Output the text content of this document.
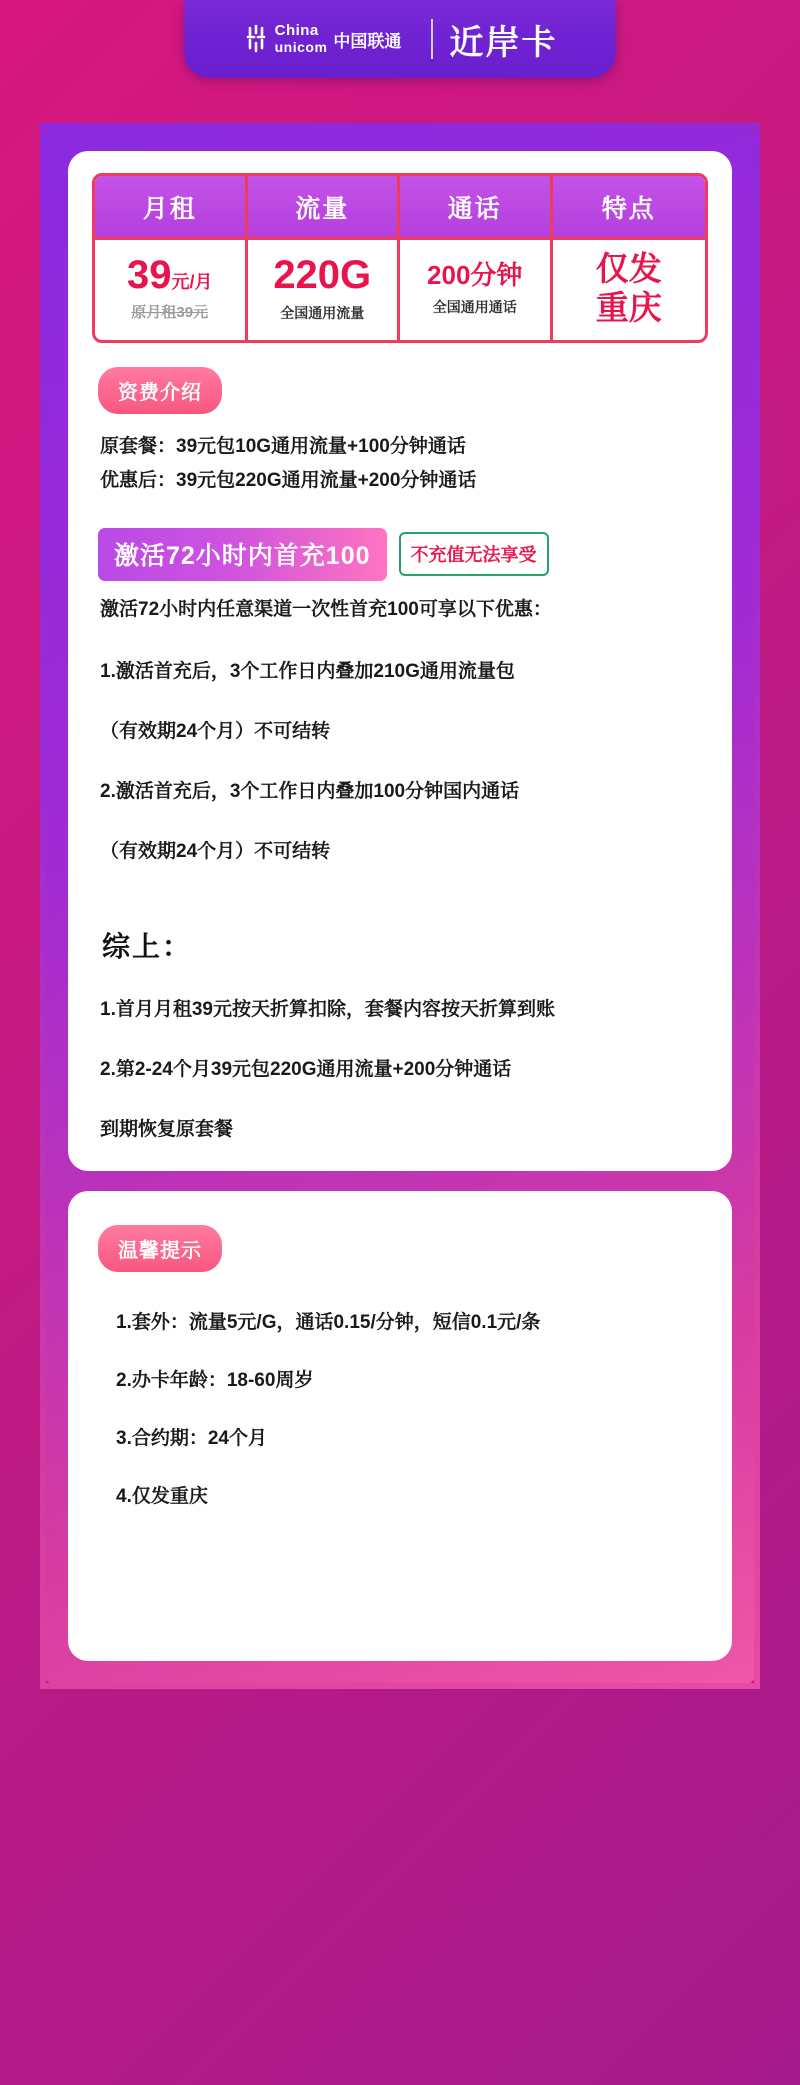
China
unicom 中国联通 近岸卡
月租
39元/月
原月租39元
流量
220G
全国通用流量
通话
200分钟
全国通用通话
特点
仅发
重庆
资费介绍
原套餐：39元包10G通用流量+100分钟通话
优惠后：39元包220G通用流量+200分钟通话
激活72小时内首充100	不充值无法享受
激活72小时内任意渠道一次性首充100可享以下优惠：
1.激活首充后，3个工作日内叠加210G通用流量包
（有效期24个月）不可结转
2.激活首充后，3个工作日内叠加100分钟国内通话
（有效期24个月）不可结转
综上：
1.首月月租39元按天折算扣除，套餐内容按天折算到账
2.第2-24个月39元包220G通用流量+200分钟通话
到期恢复原套餐
温馨提示
1.套外：流量5元/G，通话0.15/分钟，短信0.1元/条
2.办卡年龄：18-60周岁
3.合约期：24个月
4.仅发重庆
